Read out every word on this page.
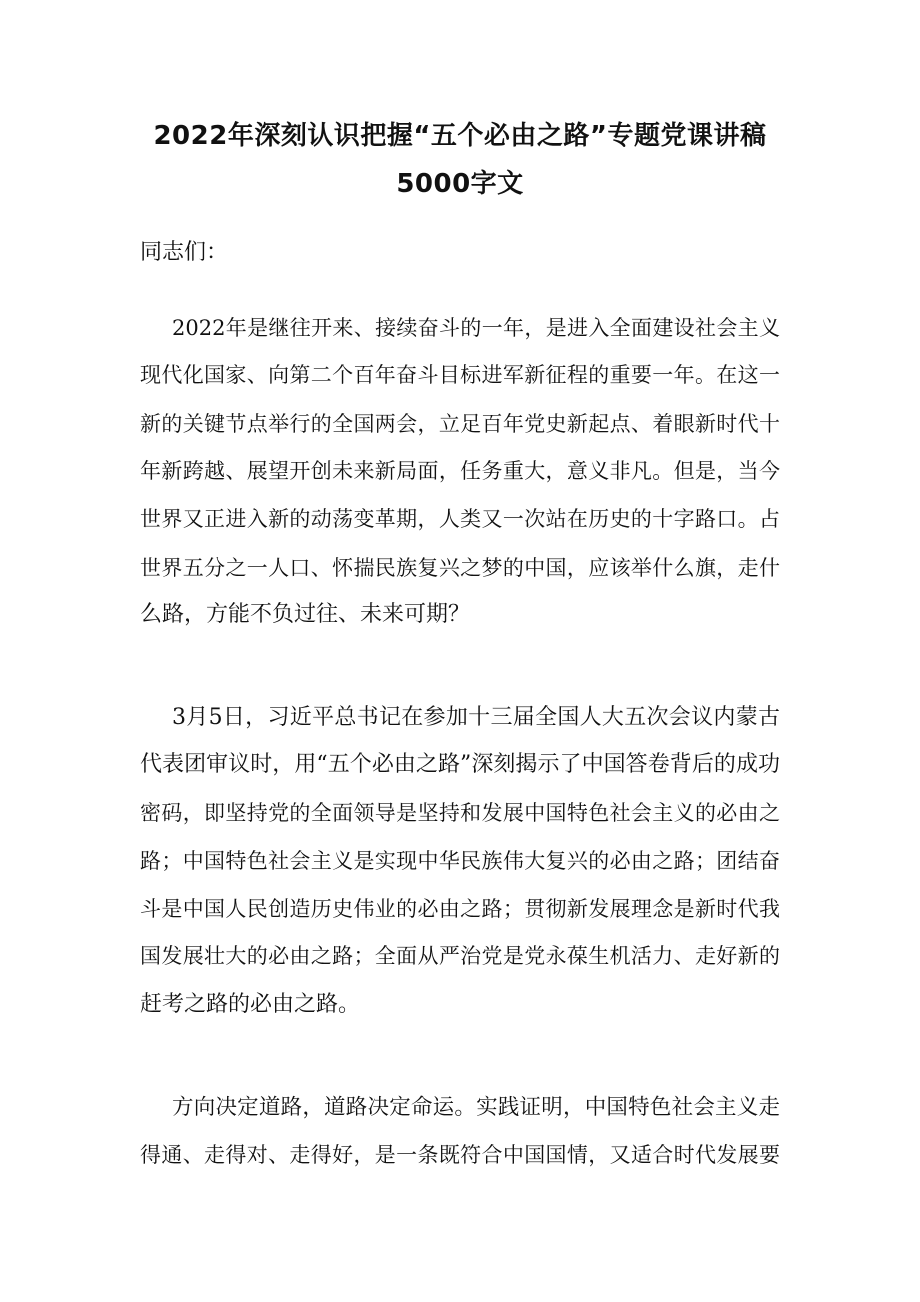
2022年深刻认识把握“五个必由之路”专题党课讲稿
5000字文
同志们：
2022年是继往开来、接续奋斗的一年，是进入全面建设社会主义
现代化国家、向第二个百年奋斗目标进军新征程的重要一年。在这一
新的关键节点举行的全国两会，立足百年党史新起点、着眼新时代十
年新跨越、展望开创未来新局面，任务重大，意义非凡。但是，当今
世界又正进入新的动荡变革期，人类又一次站在历史的十字路口。占
世界五分之一人口、怀揣民族复兴之梦的中国，应该举什么旗，走什
么路，方能不负过往、未来可期？
3月5日，习近平总书记在参加十三届全国人大五次会议内蒙古
代表团审议时，用“五个必由之路”深刻揭示了中国答卷背后的成功
密码，即坚持党的全面领导是坚持和发展中国特色社会主义的必由之
路；中国特色社会主义是实现中华民族伟大复兴的必由之路；团结奋
斗是中国人民创造历史伟业的必由之路；贯彻新发展理念是新时代我
国发展壮大的必由之路；全面从严治党是党永葆生机活力、走好新的
赶考之路的必由之路。
方向决定道路，道路决定命运。实践证明，中国特色社会主义走
得通、走得对、走得好，是一条既符合中国国情，又适合时代发展要
